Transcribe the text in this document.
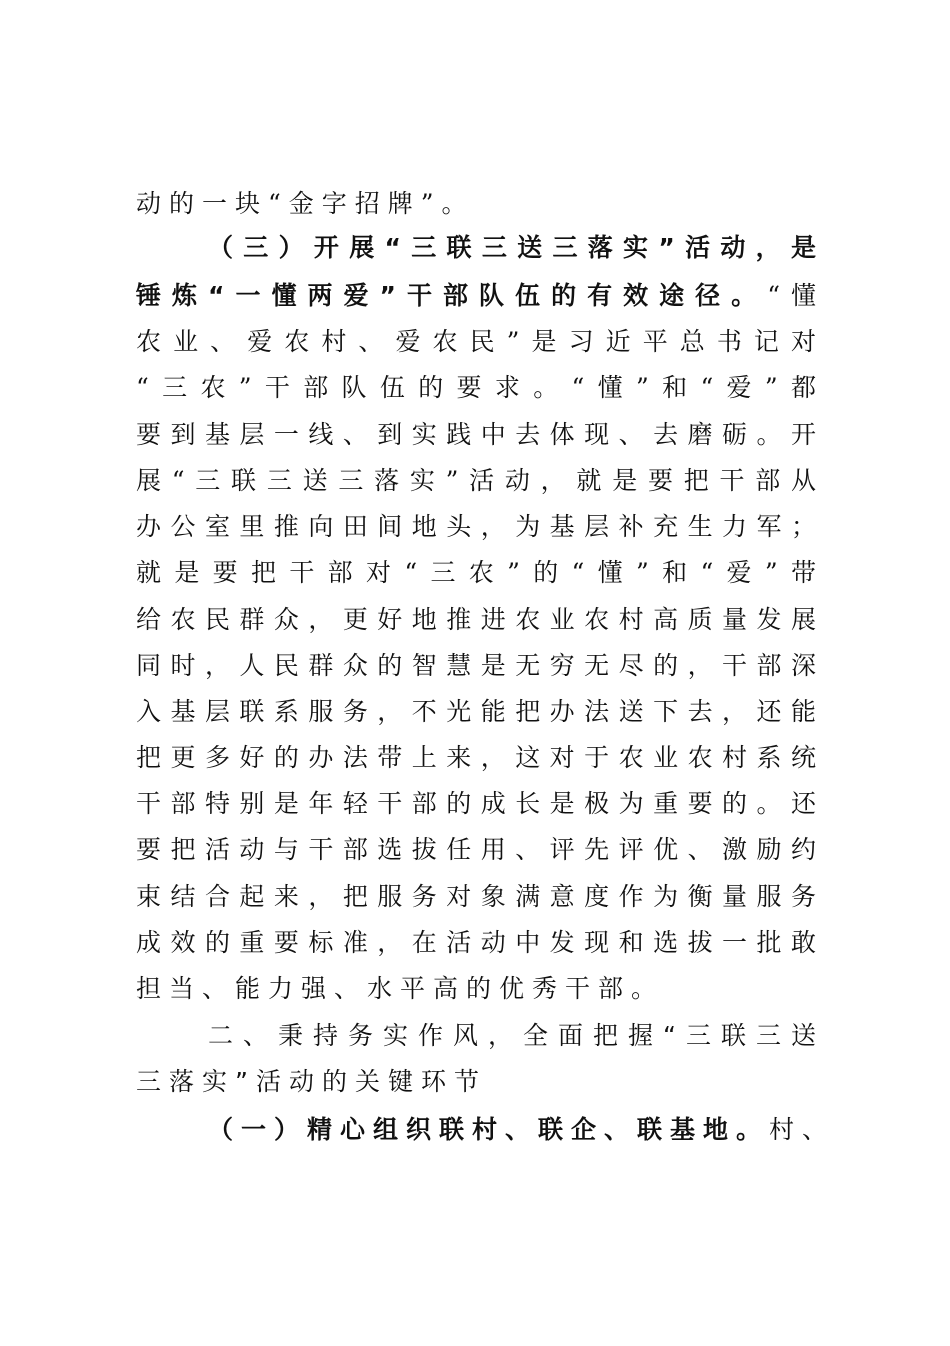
动的一块“金字招牌”。
（三）开展“三联三送三落实”活动，是
锤炼“一懂两爱”干部队伍的有效途径。“懂
农业、爱农村、爱农民”是习近平总书记对
“三农”干部队伍的要求。“懂”和“爱”都
要到基层一线、到实践中去体现、去磨砺。开
展“三联三送三落实”活动，就是要把干部从
办公室里推向田间地头，为基层补充生力军；
就是要把干部对“三农”的“懂”和“爱”带
给农民群众，更好地推进农业农村高质量发展
同时，人民群众的智慧是无穷无尽的，干部深
入基层联系服务，不光能把办法送下去，还能
把更多好的办法带上来，这对于农业农村系统
干部特别是年轻干部的成长是极为重要的。还
要把活动与干部选拔任用、评先评优、激励约
束结合起来，把服务对象满意度作为衡量服务
成效的重要标准，在活动中发现和选拔一批敢
担当、能力强、水平高的优秀干部。
二、秉持务实作风，全面把握“三联三送
三落实”活动的关键环节
（一）精心组织联村、联企、联基地。村、
